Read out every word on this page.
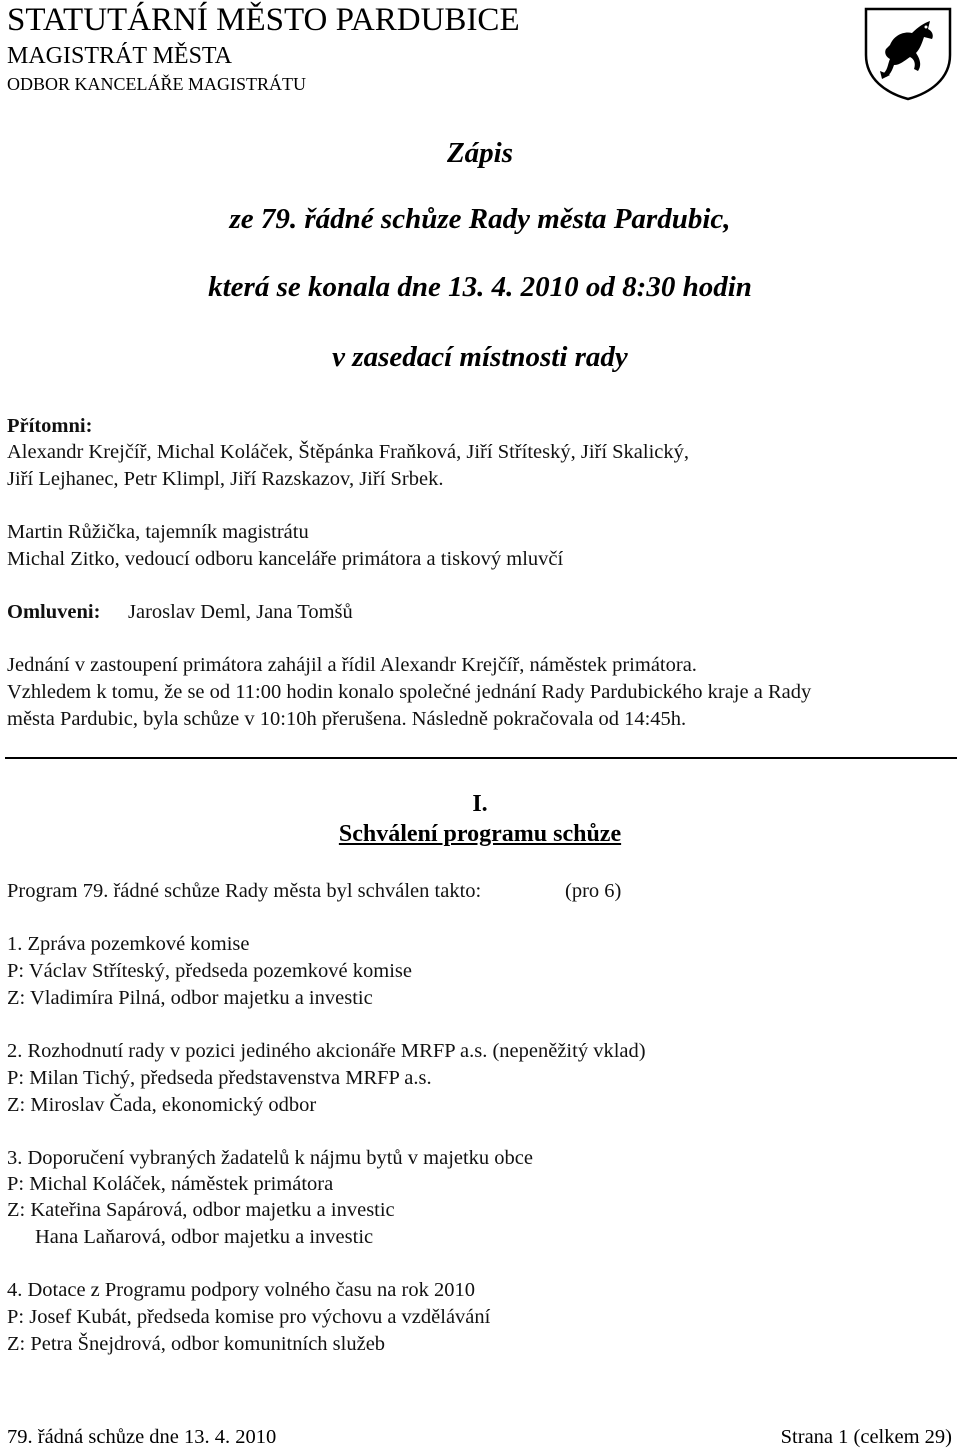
STATUTÁRNÍ MĚSTO PARDUBICE
MAGISTRÁT MĚSTA
ODBOR KANCELÁŘE MAGISTRÁTU
Zápis
ze 79. řádné schůze Rady města Pardubic,
která se konala dne 13. 4. 2010 od 8:30 hodin
v zasedací místnosti rady
Přítomni:
Alexandr Krejčíř, Michal Koláček, Štěpánka Fraňková, Jiří Stříteský, Jiří Skalický,
Jiří Lejhanec, Petr Klimpl, Jiří Razskazov, Jiří Srbek.
Martin Růžička, tajemník magistrátu
Michal Zitko, vedoucí odboru kanceláře primátora a tiskový mluvčí
Omluveni: Jaroslav Deml, Jana Tomšů
Jednání v zastoupení primátora zahájil a řídil Alexandr Krejčíř, náměstek primátora.
Vzhledem k tomu, že se od 11:00 hodin konalo společné jednání Rady Pardubického kraje a Rady
města Pardubic, byla schůze v 10:10h přerušena. Následně pokračovala od 14:45h.
I.
Schválení programu schůze
Program 79. řádné schůze Rady města byl schválen takto:	(pro 6)
1. Zpráva pozemkové komise
P: Václav Stříteský, předseda pozemkové komise
Z: Vladimíra Pilná, odbor majetku a investic
2. Rozhodnutí rady v pozici jediného akcionáře MRFP a.s. (nepeněžitý vklad)
P: Milan Tichý, předseda představenstva MRFP a.s.
Z: Miroslav Čada, ekonomický odbor
3. Doporučení vybraných žadatelů k nájmu bytů v majetku obce
P: Michal Koláček, náměstek primátora
Z: Kateřina Sapárová, odbor majetku a investic
Hana Laňarová, odbor majetku a investic
4. Dotace z Programu podpory volného času na rok 2010
P: Josef Kubát, předseda komise pro výchovu a vzdělávání
Z: Petra Šnejdrová, odbor komunitních služeb
79. řádná schůze dne 13. 4. 2010	Strana 1 (celkem 29)
